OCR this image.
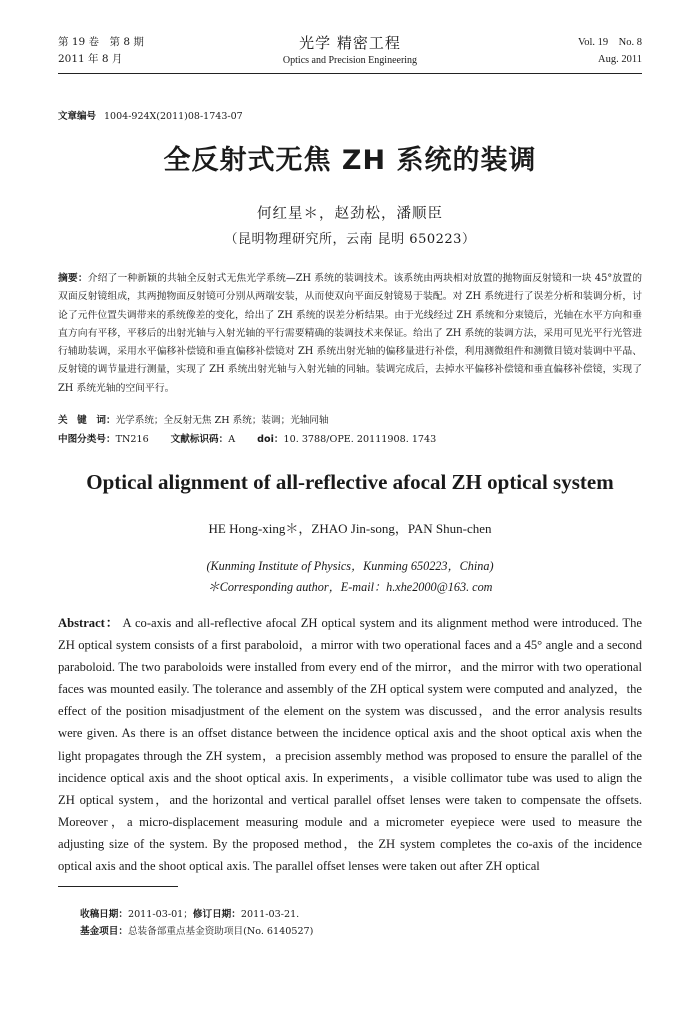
第 19 卷　第 8 期
2011 年 8 月
光学 精密工程
Optics and Precision Engineering
Vol. 19　No. 8
Aug. 2011
文章编号 1004-924X(2011)08-1743-07
全反射式无焦 ZH 系统的装调
何红星＊，赵劲松，潘顺臣
（昆明物理研究所，云南 昆明 650223）
摘要：介绍了一种新颖的共轴全反射式无焦光学系统—ZH 系统的装调技术。该系统由两块相对放置的抛物面反射镜和一块 45°放置的双面反射镜组成，其两抛物面反射镜可分别从两端安装，从而使双向平面反射镜易于装配。对 ZH 系统进行了误差分析和装调分析，讨论了元件位置失调带来的系统像差的变化，给出了 ZH 系统的误差分析结果。由于光线经过 ZH 系统和分束镜后，光轴在水平方向和垂直方向有平移，平移后的出射光轴与入射光轴的平行需要精确的装调技术来保证。给出了 ZH 系统的装调方法，采用可见光平行光管进行辅助装调，采用水平偏移补偿镜和垂直偏移补偿镜对 ZH 系统出射光轴的偏移量进行补偿，利用测微组件和测微目镜对装调中平晶、反射镜的调节量进行测量，实现了 ZH 系统出射光轴与入射光轴的同轴。装调完成后，去掉水平偏移补偿镜和垂直偏移补偿镜，实现了 ZH 系统光轴的空间平行。
关　键　词：光学系统；全反射无焦 ZH 系统；装调；光轴同轴
中图分类号：TN216 文献标识码：A doi：10. 3788/OPE. 20111908. 1743
Optical alignment of all-reflective afocal ZH optical system
HE Hong-xing＊，ZHAO Jin-song，PAN Shun-chen
(Kunming Institute of Physics，Kunming 650223，China)
＊Corresponding author，E-mail：h.xhe2000@163. com
Abstract： A co-axis and all-reflective afocal ZH optical system and its alignment method were introduced. The ZH optical system consists of a first paraboloid，a mirror with two operational faces and a 45° angle and a second paraboloid. The two paraboloids were installed from every end of the mirror，and the mirror with two operational faces was mounted easily. The tolerance and assembly of the ZH optical system were computed and analyzed，the effect of the position misadjustment of the element on the system was discussed，and the error analysis results were given. As there is an offset distance between the incidence optical axis and the shoot optical axis when the light propagates through the ZH system，a precision assembly method was proposed to ensure the parallel of the incidence optical axis and the shoot optical axis. In experiments，a visible collimator tube was used to align the ZH optical system，and the horizontal and vertical parallel offset lenses were taken to compensate the offsets. Moreover，a micro-displacement measuring module and a micrometer eyepiece were used to measure the adjusting size of the system. By the proposed method，the ZH system completes the co-axis of the incidence optical axis and the shoot optical axis. The parallel offset lenses were taken out after ZH optical
收稿日期：2011-03-01；修订日期：2011-03-21.
基金项目：总装备部重点基金资助项目(No. 6140527)
